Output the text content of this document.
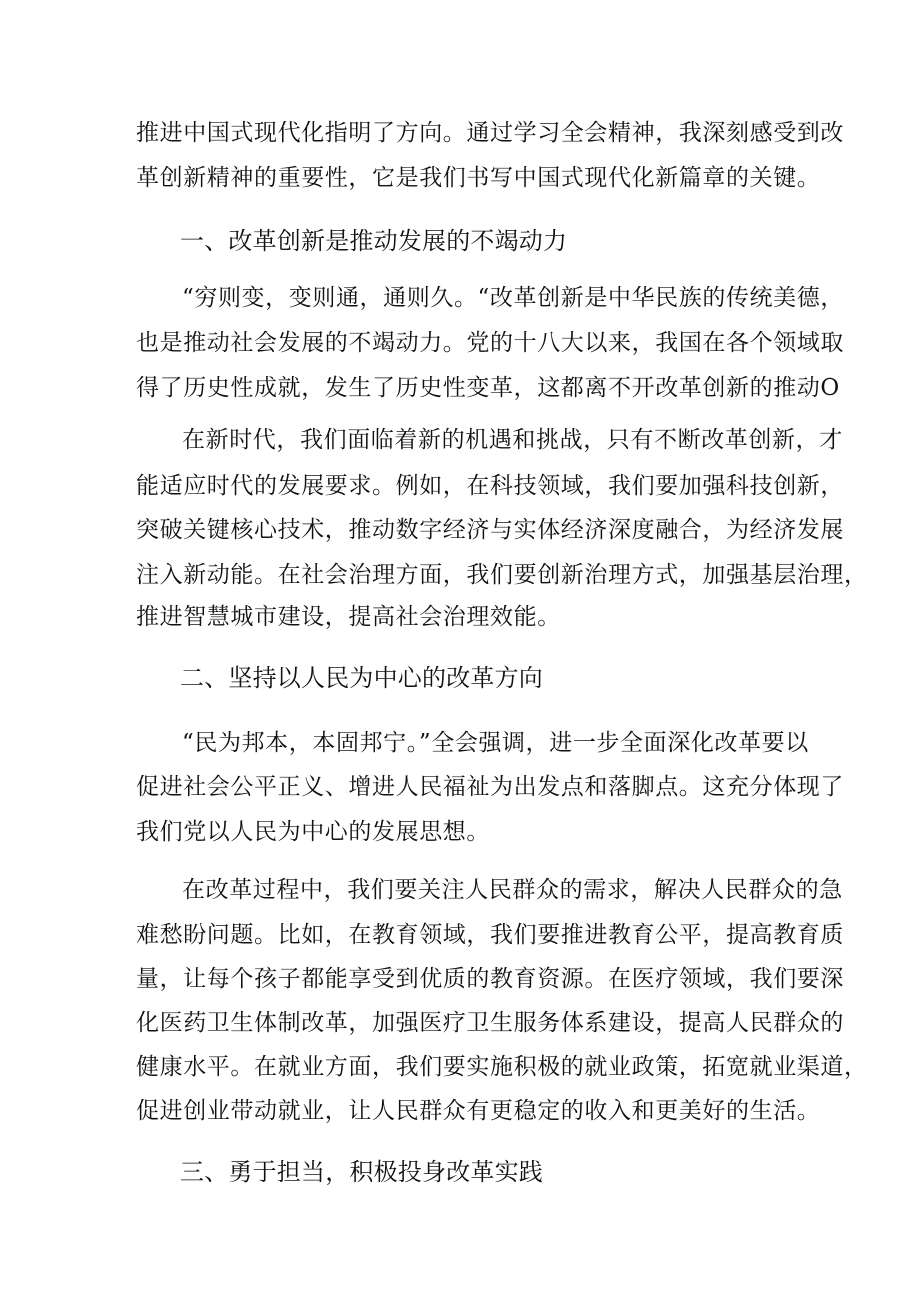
推进中国式现代化指明了方向。通过学习全会精神，我深刻感受到改
革创新精神的重要性，它是我们书写中国式现代化新篇章的关键。
一、改革创新是推动发展的不竭动力
“穷则变，变则通，通则久。“改革创新是中华民族的传统美德，
也是推动社会发展的不竭动力。党的十八大以来，我国在各个领域取
得了历史性成就，发生了历史性变革，这都离不开改革创新的推动O
在新时代，我们面临着新的机遇和挑战，只有不断改革创新，才
能适应时代的发展要求。例如，在科技领域，我们要加强科技创新，
突破关键核心技术，推动数字经济与实体经济深度融合，为经济发展
注入新动能。在社会治理方面，我们要创新治理方式，加强基层治理，
推进智慧城市建设，提高社会治理效能。
二、坚持以人民为中心的改革方向
“民为邦本，本固邦宁。”全会强调，进一步全面深化改革要以
促进社会公平正义、增进人民福祉为出发点和落脚点。这充分体现了
我们党以人民为中心的发展思想。
在改革过程中，我们要关注人民群众的需求，解决人民群众的急
难愁盼问题。比如，在教育领域，我们要推进教育公平，提高教育质
量，让每个孩子都能享受到优质的教育资源。在医疗领域，我们要深
化医药卫生体制改革，加强医疗卫生服务体系建设，提高人民群众的
健康水平。在就业方面，我们要实施积极的就业政策，拓宽就业渠道，
促进创业带动就业，让人民群众有更稳定的收入和更美好的生活。
三、勇于担当，积极投身改革实践
